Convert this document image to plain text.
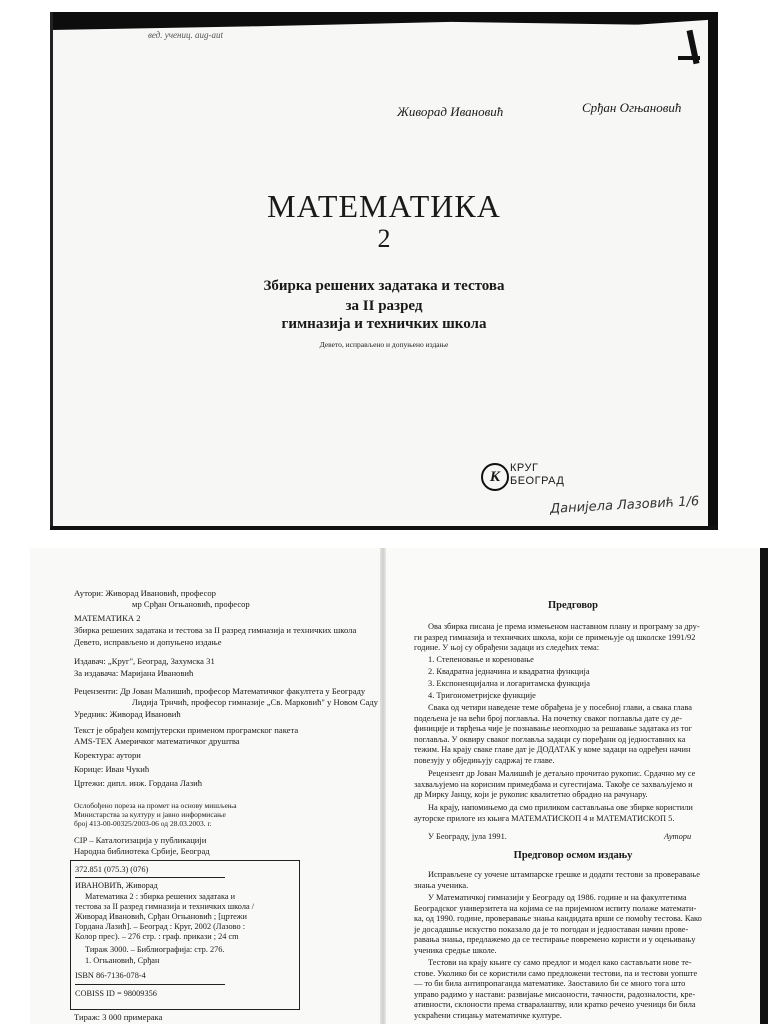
вед. учениц. aug-aut
Живорад Ивановић	Срђан Огњановић
МАТЕМАТИКА
2
Збирка решених задатака и тестова
за II разред
гимназија и техничких школа
Девето, исправљено и допуњено издање
К
КРУГ
БЕОГРАД
Даниjела Лазовић 1/6
Аутори: Живорад Ивановић, професор
мр Срђан Огњановић, професор
МАТЕМАТИКА 2
Збирка решених задатака и тестова за II разред гимназија и техничких школа
Девето, исправљено и допуњено издање
Издавач: „Круг", Београд, Захумска 31
За издавача: Маријана Ивановић
Рецензенти: Др Јован Малишић, професор Математичког факултета у Београду
Лидија Трнчић, професор гимназије „Св. Марковић" у Новом Саду
Уредник: Живорад Ивановић
Текст је обрађен компјутерски применом програмског пакета
AMS-TEX Америчког математичког друштва
Коректура: аутори
Корице: Иван Чукић
Цртежи: дипл. инж. Гордана Лазић
Ослобођено пореза на промет на основу мишљења
Министарства за културу и јавно информисање
број 413-00-00325/2003-06 од 28.03.2003. г.
CIP – Каталогизација у публикацији
Народна библиотека Србије, Београд
372.851 (075.3) (076)
ИВАНОВИЋ, Живорад
Математика 2 : збирка решених задатака и
тестова за II разред гимназија и техничких школа /
Живорад Ивановић, Срђан Огњановић ; [цртежи
Гордана Лазић]. – Београд : Круг, 2002 (Лазово :
Колор прес). – 276 стр. : граф. прикази ; 24 cm
Тираж 3000. – Библиографија: стр. 276.
1. Огњановић, Срђан
ISBN 86-7136-078-4
COBISS ID = 98009356
Тираж: 3 000 примерака
Предговор
Ова збирка писана је према измењеном наставном плану и програму за дру-
ги разред гимназија и техничких школа, који се примењује од школске 1991/92
године. У њој су обрађени задаци из следећих тема:
1. Степеновање и кореновање
2. Квадратна једначина и квадратна функција
3. Експоненцијална и логаритамска функција
4. Тригонометријске функције
Свака од четири наведене теме обрађена је у посебној глави, а свака глава
подељена је на већи број поглавља. На почетку сваког поглавља дате су де-
финиције и тврђења чије је познавање неопходно за решавање задатака из тог
поглавља. У оквиру сваког поглавља задаци су поређани од једноставних ка
тежим. На крају сваке главе дат је ДОДАТАК у коме задаци на одређен начин
повезују у обједињују садржај те главе.
Рецензент др Јован Малишић је детаљно прочитао рукопис. Срдачно му се
захваљујемо на корисним примедбама и сугестијама. Такође се захваљујемо и
др Мирку Јанцу, који је рукопис квалитетно обрадио на рачунару.
На крају, напомињемо да смо приликом састављања ове збирке користили
ауторске прилоге из књига МАТЕМАТИСКОП 4 и МАТЕМАТИСКОП 5.
У Београду, јула 1991.	Аутори
Предговор осмом издању
Исправљене су уочене штампарске грешке и додати тестови за проверавање
знања ученика.
У Математичкој гимназији у Београду од 1986. године и на факултетима
Београдског универзитета на којима се на пријемном испиту полаже математи-
ка, од 1990. године, проверавање знања кандидата врши се помоћу тестова. Како
је досадашње искуство показало да је то погодан и једноставан начин прове-
равања знања, предлажемо да се тестирање повремено користи и у оцењивању
ученика средње школе.
Тестови на крају књиге су само предлог и модел како састављати нове те-
стове. Уколико би се користили само предложени тестови, па и тестови уопште
— то би била антипропаганда математике. Заоставило би се много тога што
управо радимо у настави: развијање мисаоности, тачности, радозналости, кре-
ативности, склоности према стваралаштву, или кратко речено ученици би била
ускраћени стицању математичке културе.
